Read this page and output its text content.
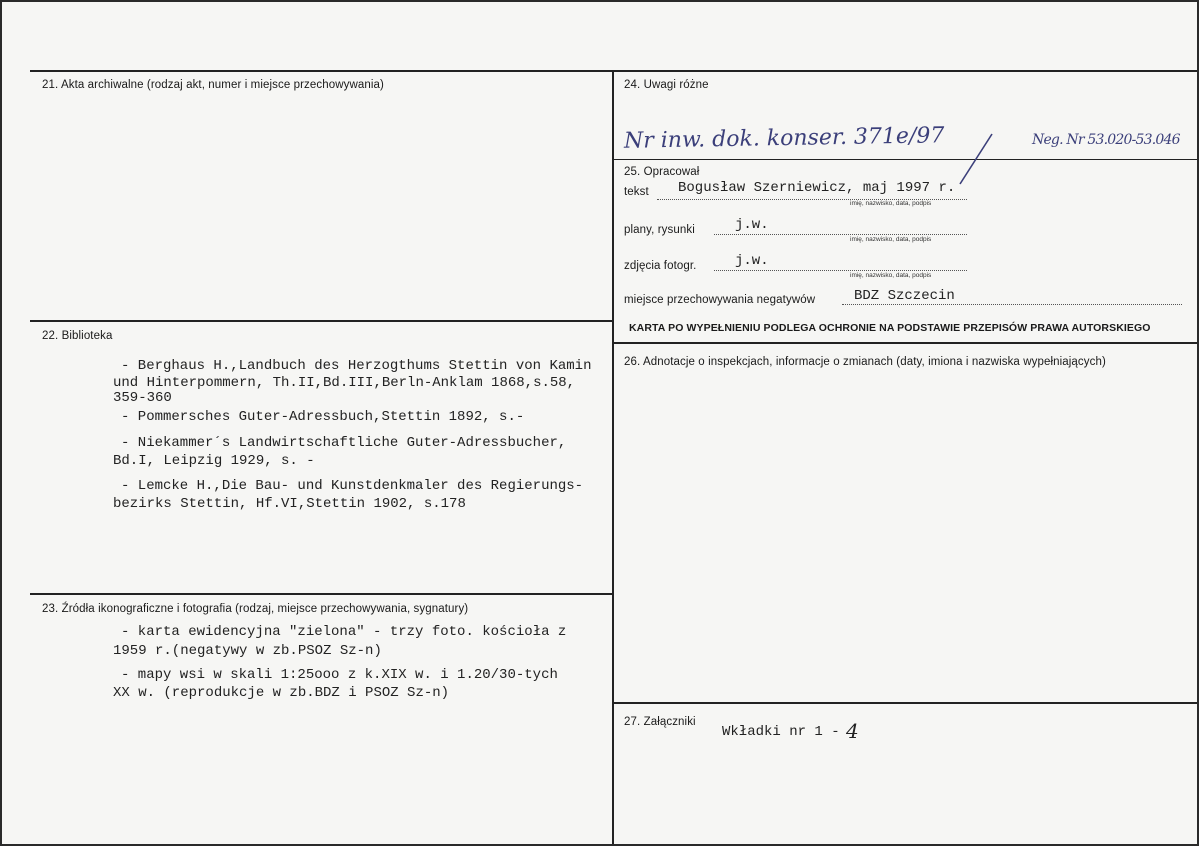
21. Akta archiwalne (rodzaj akt, numer i miejsce przechowywania)
22. Biblioteka
- Berghaus H.,Landbuch des Herzogthums Stettin von Kamin
und Hinterpommern, Th.II,Bd.III,Berln-Anklam 1868,s.58,
359-360
- Pommersches Guter-Adressbuch,Stettin 1892, s.-
- Niekammer´s Landwirtschaftliche Guter-Adressbucher,
Bd.I, Leipzig 1929, s. -
- Lemcke H.,Die Bau- und Kunstdenkmaler des Regierungs-
bezirks Stettin, Hf.VI,Stettin 1902, s.178
23. Źródła ikonograficzne i fotografia (rodzaj, miejsce przechowywania, sygnatury)
- karta ewidencyjna "zielona" - trzy foto. kościoła z
1959 r.(negatywy w zb.PSOZ Sz-n)
- mapy wsi w skali 1:25ooo z k.XIX w. i 1.20/30-tych
XX w. (reprodukcje w zb.BDZ i PSOZ Sz-n)
24. Uwagi różne
Nr inw. dok. konser. 371e/97	Neg. Nr 53.020-53.046
25. Opracował
tekst Bogusław Szerniewicz, maj 1997 r.
imię, nazwisko, data, podpis
plany, rysunki	j.w.
imię, nazwisko, data, podpis
zdjęcia fotogr.	j.w.
imię, nazwisko, data, podpis
miejsce przechowywania negatywów	BDZ Szczecin
KARTA PO WYPEŁNIENIU PODLEGA OCHRONIE NA PODSTAWIE PRZEPISÓW PRAWA AUTORSKIEGO
26. Adnotacje o inspekcjach, informacje o zmianach (daty, imiona i nazwiska wypełniających)
27. Załączniki
Wkładki nr 1 - 4
